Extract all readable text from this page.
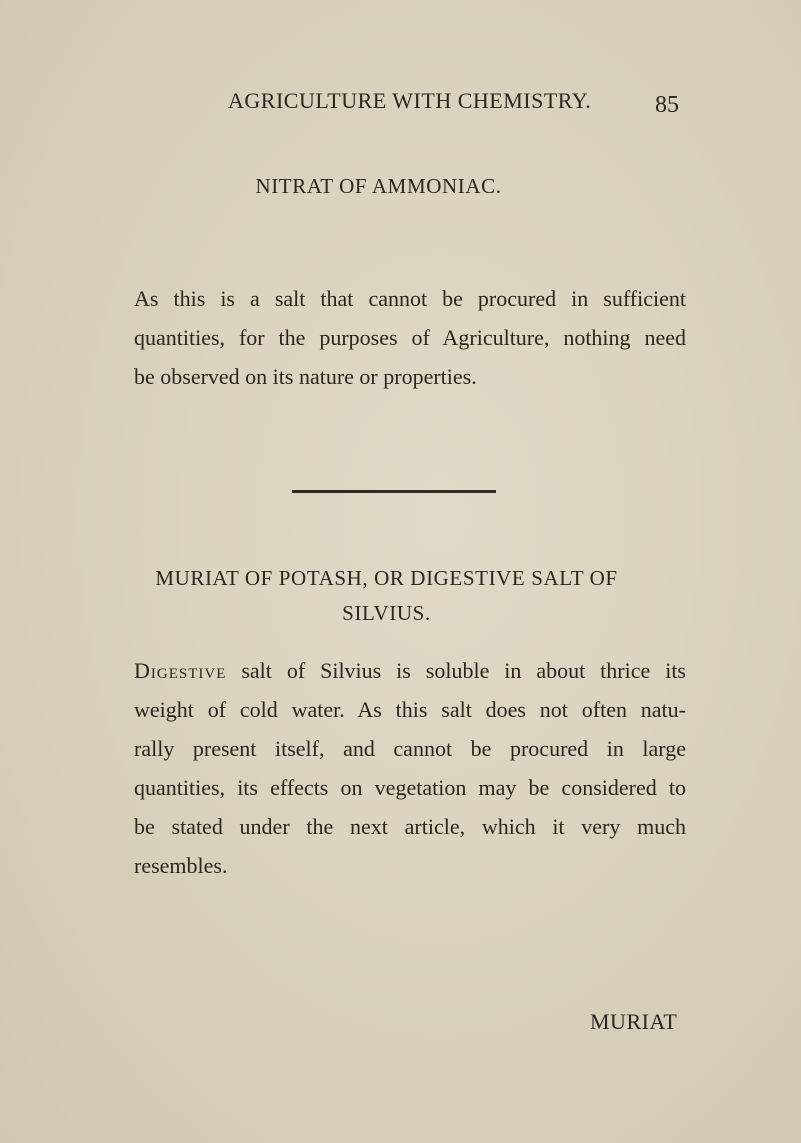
AGRICULTURE WITH CHEMISTRY.	85
NITRAT OF AMMONIAC.
As this is a salt that cannot be procured in sufficient
quantities, for the purposes of Agriculture, nothing need
be observed on its nature or properties.
MURIAT OF POTASH, OR DIGESTIVE SALT OF
SILVIUS.
Digestive salt of Silvius is soluble in about thrice its
weight of cold water. As this salt does not often natu-
rally present itself, and cannot be procured in large
quantities, its effects on vegetation may be considered to
be stated under the next article, which it very much
resembles.
MURIAT
